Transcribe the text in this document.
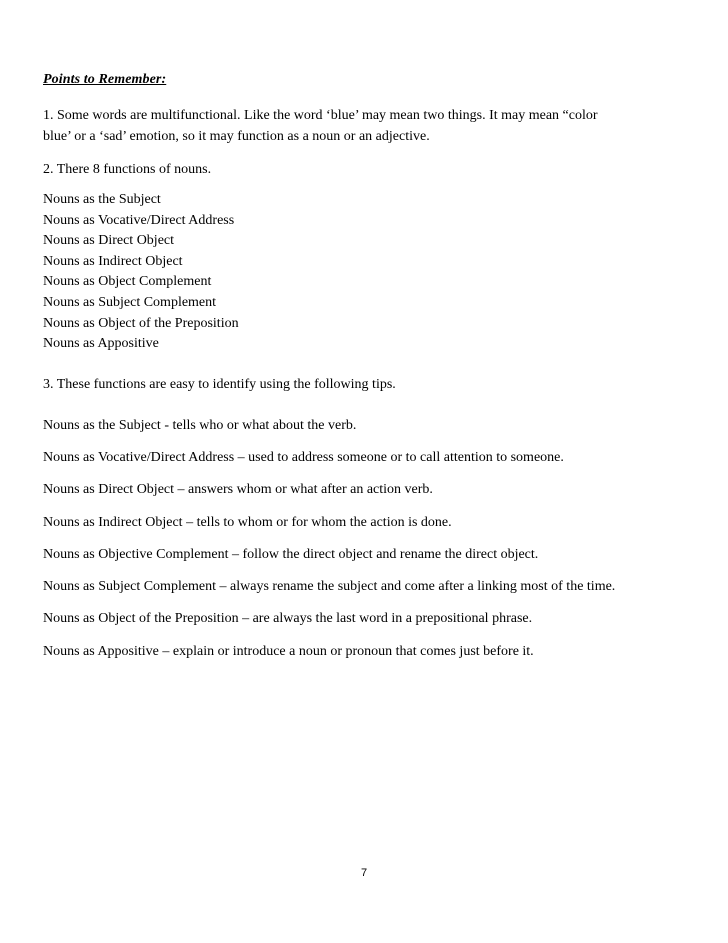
Points to Remember:
1. Some words are multifunctional. Like the word ‘blue’ may mean two things. It may mean “color
blue’ or a ‘sad’ emotion, so it may function as a noun or an adjective.
2. There 8 functions of nouns.
Nouns as the Subject
Nouns as Vocative/Direct Address
Nouns as Direct Object
Nouns as Indirect Object
Nouns as Object Complement
Nouns as Subject Complement
Nouns as Object of the Preposition
Nouns as Appositive
3. These functions are easy to identify using the following tips.
Nouns as the Subject - tells who or what about the verb.
Nouns as Vocative/Direct Address – used to address someone or to call attention to someone.
Nouns as Direct Object – answers whom or what after an action verb.
Nouns as Indirect Object – tells to whom or for whom the action is done.
Nouns as Objective Complement – follow the direct object and rename the direct object.
Nouns as Subject Complement – always rename the subject and come after a linking most of the time.
Nouns as Object of the Preposition – are always the last word in a prepositional phrase.
Nouns as Appositive – explain or introduce a noun or pronoun that comes just before it.
7
